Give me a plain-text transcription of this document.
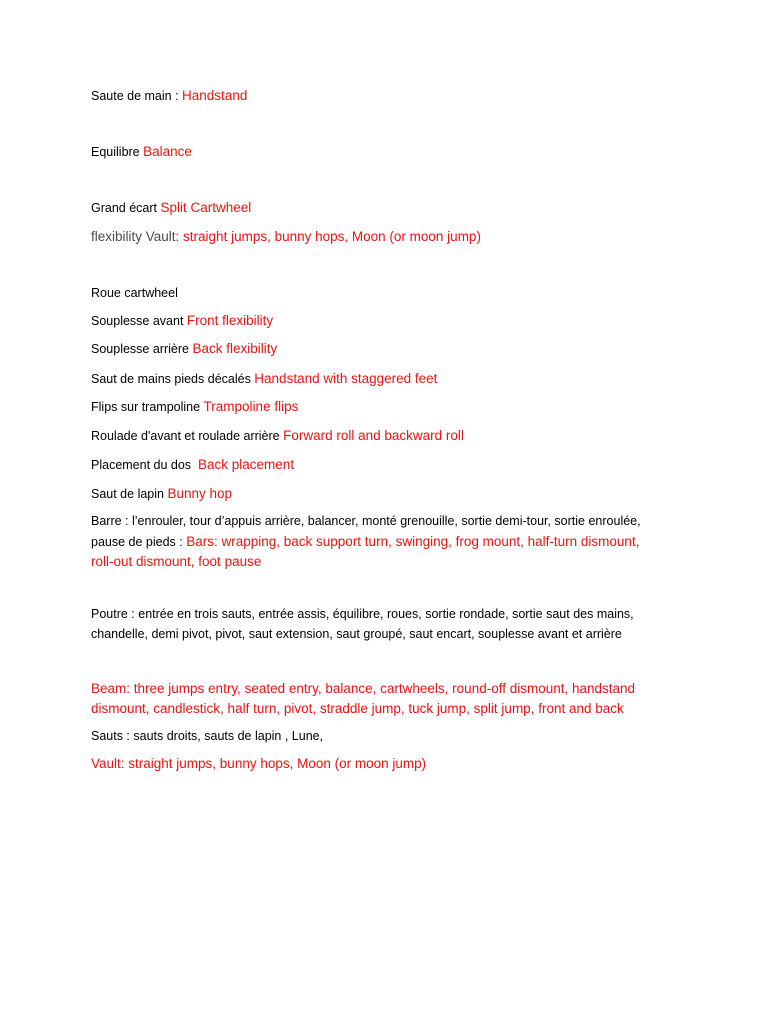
Saute de main : Handstand
Equilibre Balance
Grand écart Split Cartwheel
flexibility Vault: straight jumps, bunny hops, Moon (or moon jump)
Roue cartwheel
Souplesse avant Front flexibility
Souplesse arrière Back flexibility
Saut de mains pieds décalés Handstand with staggered feet
Flips sur trampoline Trampoline flips
Roulade d'avant et roulade arrière Forward roll and backward roll
Placement du dos  Back placement
Saut de lapin Bunny hop
Barre : l’enrouler, tour d’appuis arrière, balancer, monté grenouille, sortie demi-tour, sortie enroulée,
pause de pieds : Bars: wrapping, back support turn, swinging, frog mount, half-turn dismount,
roll-out dismount, foot pause
Poutre : entrée en trois sauts, entrée assis, équilibre, roues, sortie rondade, sortie saut des mains,
chandelle, demi pivot, pivot, saut extension, saut groupé, saut encart, souplesse avant et arrière
Beam: three jumps entry, seated entry, balance, cartwheels, round-off dismount, handstand
dismount, candlestick, half turn, pivot, straddle jump, tuck jump, split jump, front and back
Sauts : sauts droits, sauts de lapin , Lune,
Vault: straight jumps, bunny hops, Moon (or moon jump)
